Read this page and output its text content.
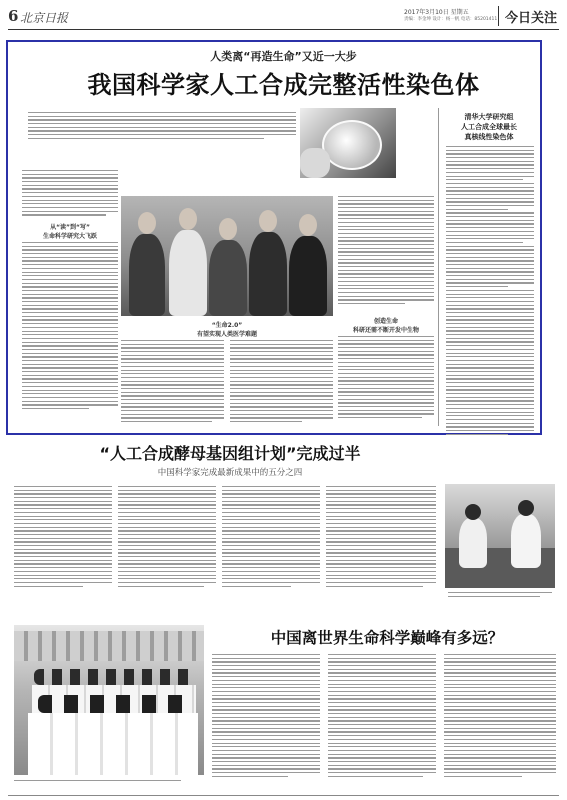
6 北京日报	2017年3月10日 星期五
责编：李金坤 设计：杨一帆 电话：85201411 今日关注
人类离“再造生命”又近一大步
我国科学家人工合成完整活性染色体
清华大学研究组
人工合成全球最长
真核线性染色体
从“读”到“写”
生命科学研究大飞跃
创造生命
科研还需不断开发中生物
“生命2.0”
有望实现人类医学难题
“人工合成酵母基因组计划”完成过半
中国科学家完成最新成果中的五分之四
中国离世界生命科学巅峰有多远？
